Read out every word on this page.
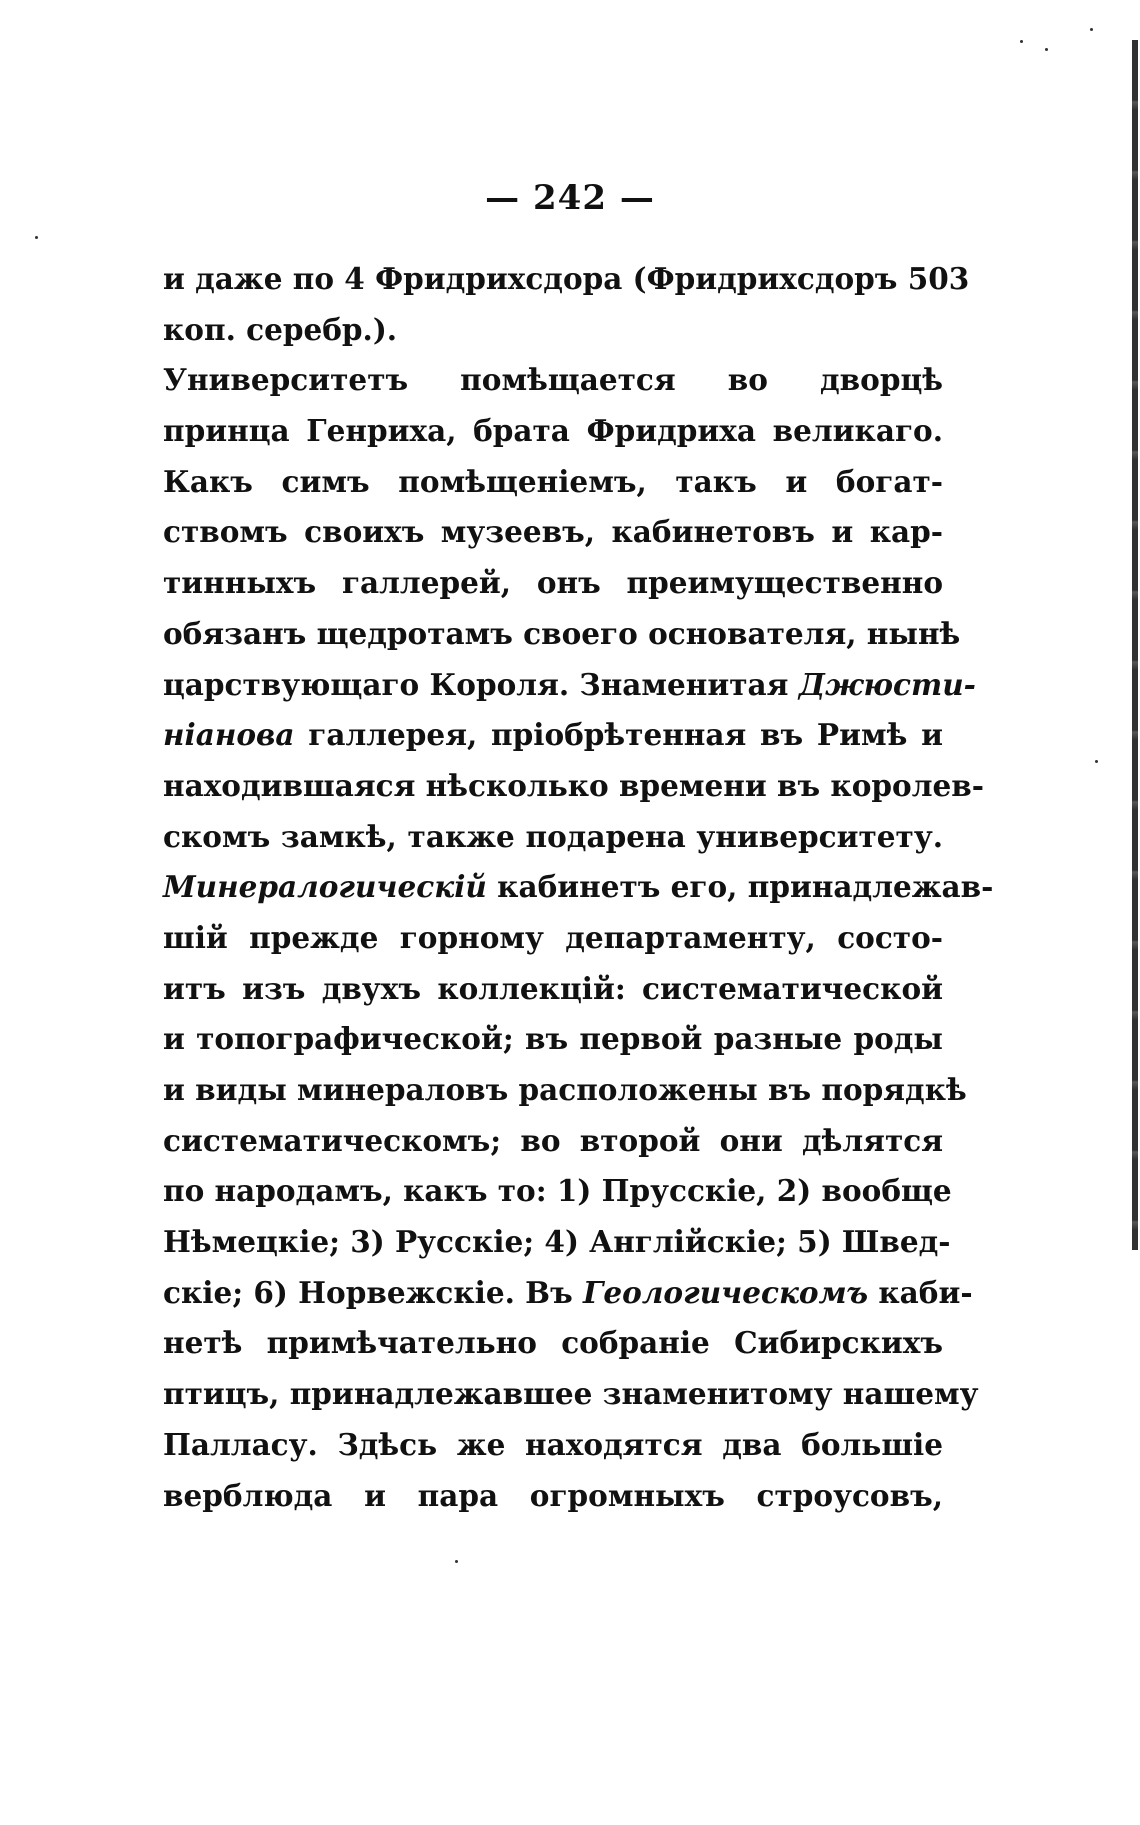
— 242 —
и даже по 4 Фридрихсдора (Фридрихсдоръ 503
коп. серебр.).
Университетъ помѣщается во дворцѣ
принца Генриха, брата Фридриха великаго.
Какъ симъ помѣщеніемъ, такъ и богат-
ствомъ своихъ музеевъ, кабинетовъ и кар-
тинныхъ галлерей, онъ преимущественно
обязанъ щедротамъ своего основателя, нынѣ
царствующаго Короля. Знаменитая Джюсти-
ніанова галлерея, пріобрѣтенная въ Римѣ и
находившаяся нѣсколько времени въ королев-
скомъ замкѣ, также подарена университету.
Минералогическій кабинетъ его, принадлежав-
шій прежде горному департаменту, состо-
итъ изъ двухъ коллекцій: систематической
и топографической; въ первой разные роды
и виды минераловъ расположены въ порядкѣ
систематическомъ; во второй они дѣлятся
по народамъ, какъ то: 1) Прусскіе, 2) вообще
Нѣмецкіе; 3) Русскіе; 4) Англійскіе; 5) Швед-
скіе; 6) Норвежскіе. Въ Геологическомъ каби-
нетѣ примѣчательно собраніе Сибирскихъ
птицъ, принадлежавшее знаменитому нашему
Палласу. Здѣсь же находятся два большіе
верблюда и пара огромныхъ строусовъ,
